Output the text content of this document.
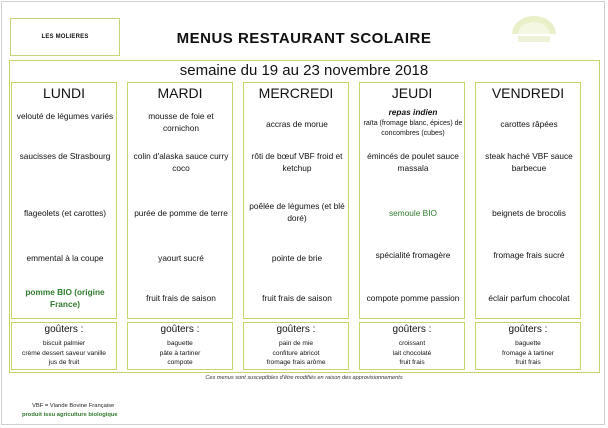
LES MOLIERES	MENUS RESTAURANT SCOLAIRE
semaine du 19 au 23 novembre 2018
LUNDI
velouté de légumes variés
saucisses de Strasbourg
flageolets (et carottes)
emmental à la coupe
pomme BIO (origine France)
MARDI
mousse de foie et cornichon
colin d'alaska sauce curry coco
purée de pomme de terre
yaourt sucré
fruit frais de saison
MERCREDI
accras de morue
rôti de bœuf VBF froid et ketchup
poêlée de légumes (et blé doré)
pointe de brie
fruit frais de saison
JEUDI
repas indien
raïta (fromage blanc, épices) de concombres (cubes)
émincés de poulet sauce massala
semoule BIO
spécialité fromagère
compote pomme passion
VENDREDI
carottes râpées
steak haché VBF sauce barbecue
beignets de brocolis
fromage frais sucré
éclair parfum chocolat
goûters :
biscuit palmier
crème dessert saveur vanille
jus de fruit
goûters :
baguette
pâte à tartiner
compote
goûters :
pain de mie
confiture abricot
fromage frais arôme
goûters :
croissant
lait chocolaté
fruit frais
goûters :
baguette
fromage à tartiner
fruit frais
Ces menus sont susceptibles d'être modifiés en raison des approvisionnements
VBF = Viande Bovine Française
produit issu agriculture biologique
